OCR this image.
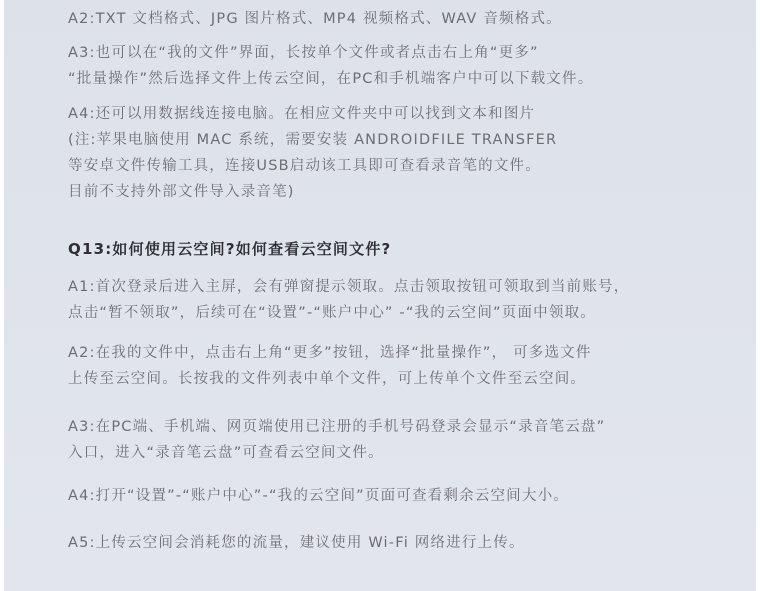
A2:TXT 文档格式、JPG 图片格式、MP4 视频格式、WAV 音频格式。
A3:也可以在“我的文件”界面，长按单个文件或者点击右上角“更多”
“批量操作”然后选择文件上传云空间，在PC和手机端客户中可以下载文件。
A4:还可以用数据线连接电脑。在相应文件夹中可以找到文本和图片
(注:苹果电脑使用 MAC 系统，需要安装 ANDROIDFILE TRANSFER
等安卓文件传输工具，连接USB启动该工具即可查看录音笔的文件。
目前不支持外部文件导入录音笔)
Q13:如何使用云空间?如何查看云空间文件?
A1:首次登录后进入主屏，会有弹窗提示领取。点击领取按钮可领取到当前账号，
点击“暂不领取”，后续可在“设置”-“账户中心” -“我的云空间”页面中领取。
A2:在我的文件中，点击右上角“更多”按钮，选择“批量操作”， 可多选文件
上传至云空间。长按我的文件列表中单个文件，可上传单个文件至云空间。
A3:在PC端、手机端、网页端使用已注册的手机号码登录会显示“录音笔云盘”
入口，进入“录音笔云盘”可查看云空间文件。
A4:打开“设置”-“账户中心”-“我的云空间”页面可查看剩余云空间大小。
A5:上传云空间会消耗您的流量，建议使用 Wi-Fi 网络进行上传。
